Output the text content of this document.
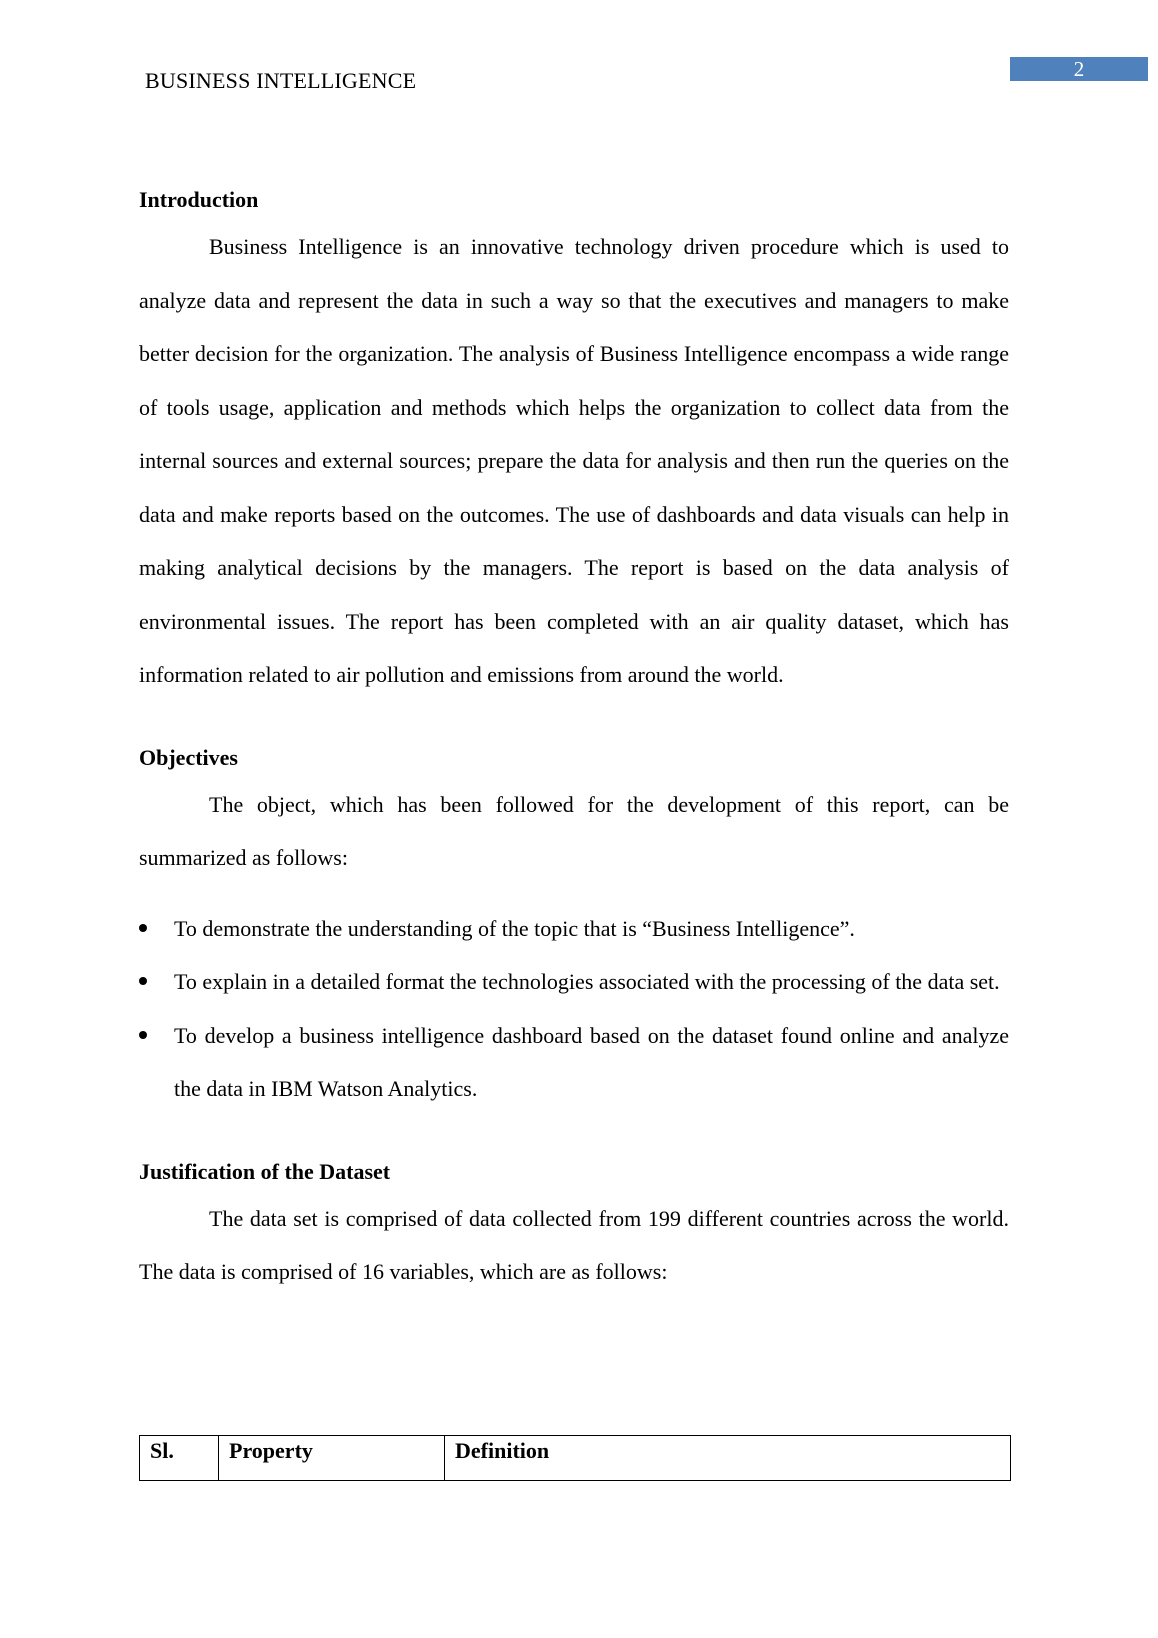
BUSINESS INTELLIGENCE	2
Introduction

Business Intelligence is an innovative technology driven procedure which is used to analyze data and represent the data in such a way so that the executives and managers to make better decision for the organization. The analysis of Business Intelligence encompass a wide range of tools usage, application and methods which helps the organization to collect data from the internal sources and external sources; prepare the data for analysis and then run the queries on the data and make reports based on the outcomes. The use of dashboards and data visuals can help in making analytical decisions by the managers. The report is based on the data analysis of environmental issues. The report has been completed with an air quality dataset, which has information related to air pollution and emissions from around the world.

Objectives

The object, which has been followed for the development of this report, can be summarized as follows:

To demonstrate the understanding of the topic that is “Business Intelligence”.
To explain in a detailed format the technologies associated with the processing of the data set.
To develop a business intelligence dashboard based on the dataset found online and analyze the data in IBM Watson Analytics.
Justification of the Dataset

The data set is comprised of data collected from 199 different countries across the world. The data is comprised of 16 variables, which are as follows:

Sl.	Property	Definition
